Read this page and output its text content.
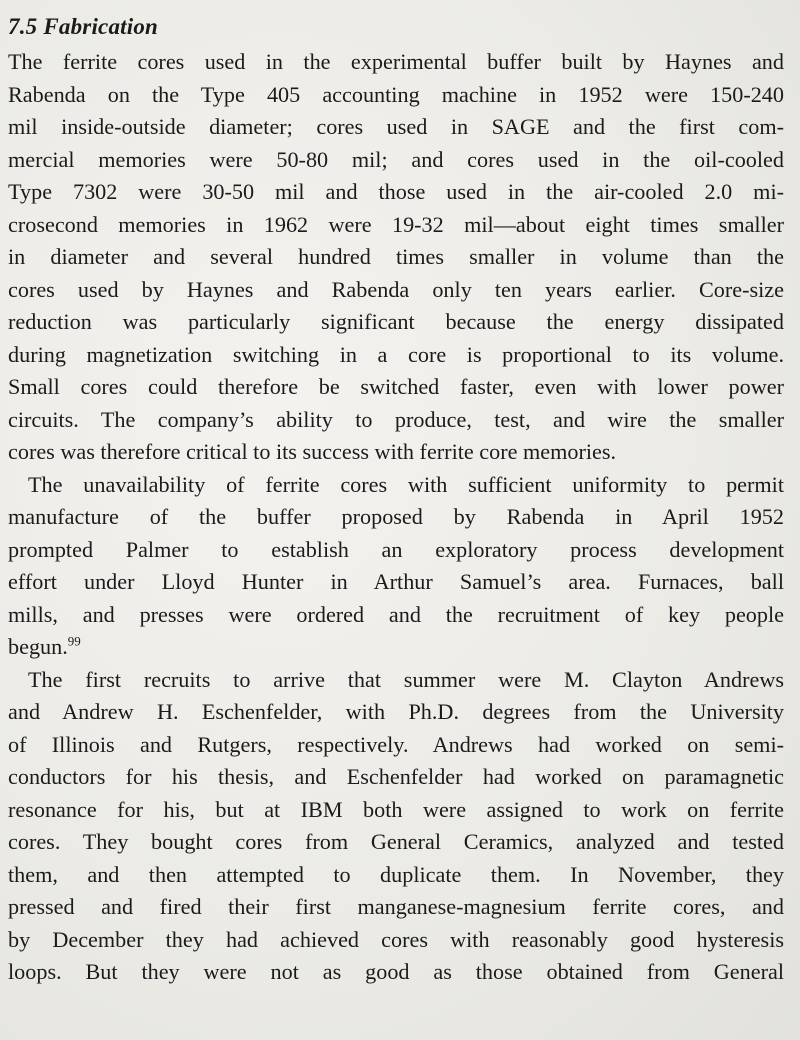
7.5 Fabrication

The ferrite cores used in the experimental buffer built by Haynes and
Rabenda on the Type 405 accounting machine in 1952 were 150-240
mil inside-outside diameter; cores used in SAGE and the first com-
mercial memories were 50-80 mil; and cores used in the oil-cooled
Type 7302 were 30-50 mil and those used in the air-cooled 2.0 mi-
crosecond memories in 1962 were 19-32 mil—about eight times smaller
in diameter and several hundred times smaller in volume than the
cores used by Haynes and Rabenda only ten years earlier. Core-size
reduction was particularly significant because the energy dissipated
during magnetization switching in a core is proportional to its volume.
Small cores could therefore be switched faster, even with lower power
circuits. The company’s ability to produce, test, and wire the smaller
cores was therefore critical to its success with ferrite core memories.

The unavailability of ferrite cores with sufficient uniformity to permit
manufacture of the buffer proposed by Rabenda in April 1952
prompted Palmer to establish an exploratory process development
effort under Lloyd Hunter in Arthur Samuel’s area. Furnaces, ball
mills, and presses were ordered and the recruitment of key people
begun.$^{99}$

The first recruits to arrive that summer were M. Clayton Andrews
and Andrew H. Eschenfelder, with Ph.D. degrees from the University
of Illinois and Rutgers, respectively. Andrews had worked on semi-
conductors for his thesis, and Eschenfelder had worked on paramagnetic
resonance for his, but at IBM both were assigned to work on ferrite
cores. They bought cores from General Ceramics, analyzed and tested
them, and then attempted to duplicate them. In November, they
pressed and fired their first manganese-magnesium ferrite cores, and
by December they had achieved cores with reasonably good hysteresis
loops. But they were not as good as those obtained from General
